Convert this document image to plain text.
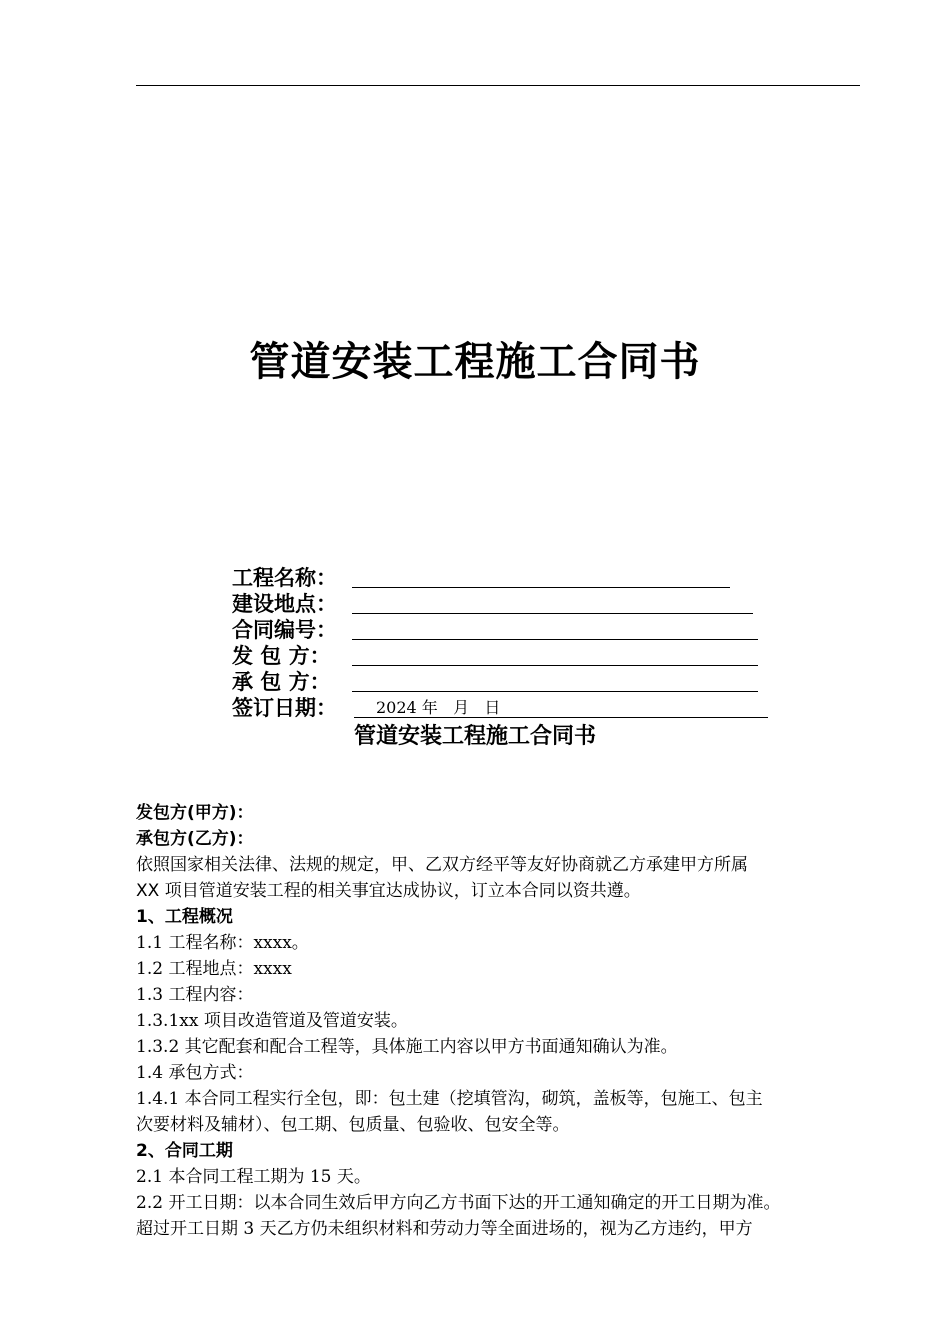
管道安装工程施工合同书
工程名称：
建设地点：
合同编号：
发 包 方：
承 包 方：
签订日期：	2024 年   月   日
管道安装工程施工合同书
发包方(甲方)：
承包方(乙方)：
依照国家相关法律、法规的规定，甲、乙双方经平等友好协商就乙方承建甲方所属
XX 项目管道安装工程的相关事宜达成协议，订立本合同以资共遵。
1、工程概况
1.1 工程名称：xxxx。
1.2 工程地点：xxxx
1.3 工程内容：
1.3.1xx 项目改造管道及管道安装。
1.3.2 其它配套和配合工程等，具体施工内容以甲方书面通知确认为准。
1.4 承包方式：
1.4.1 本合同工程实行全包，即：包土建（挖填管沟，砌筑，盖板等，包施工、包主
次要材料及辅材）、包工期、包质量、包验收、包安全等。
2、合同工期
2.1 本合同工程工期为 15 天。
2.2 开工日期：以本合同生效后甲方向乙方书面下达的开工通知确定的开工日期为准。
超过开工日期 3 天乙方仍未组织材料和劳动力等全面进场的，视为乙方违约，甲方
